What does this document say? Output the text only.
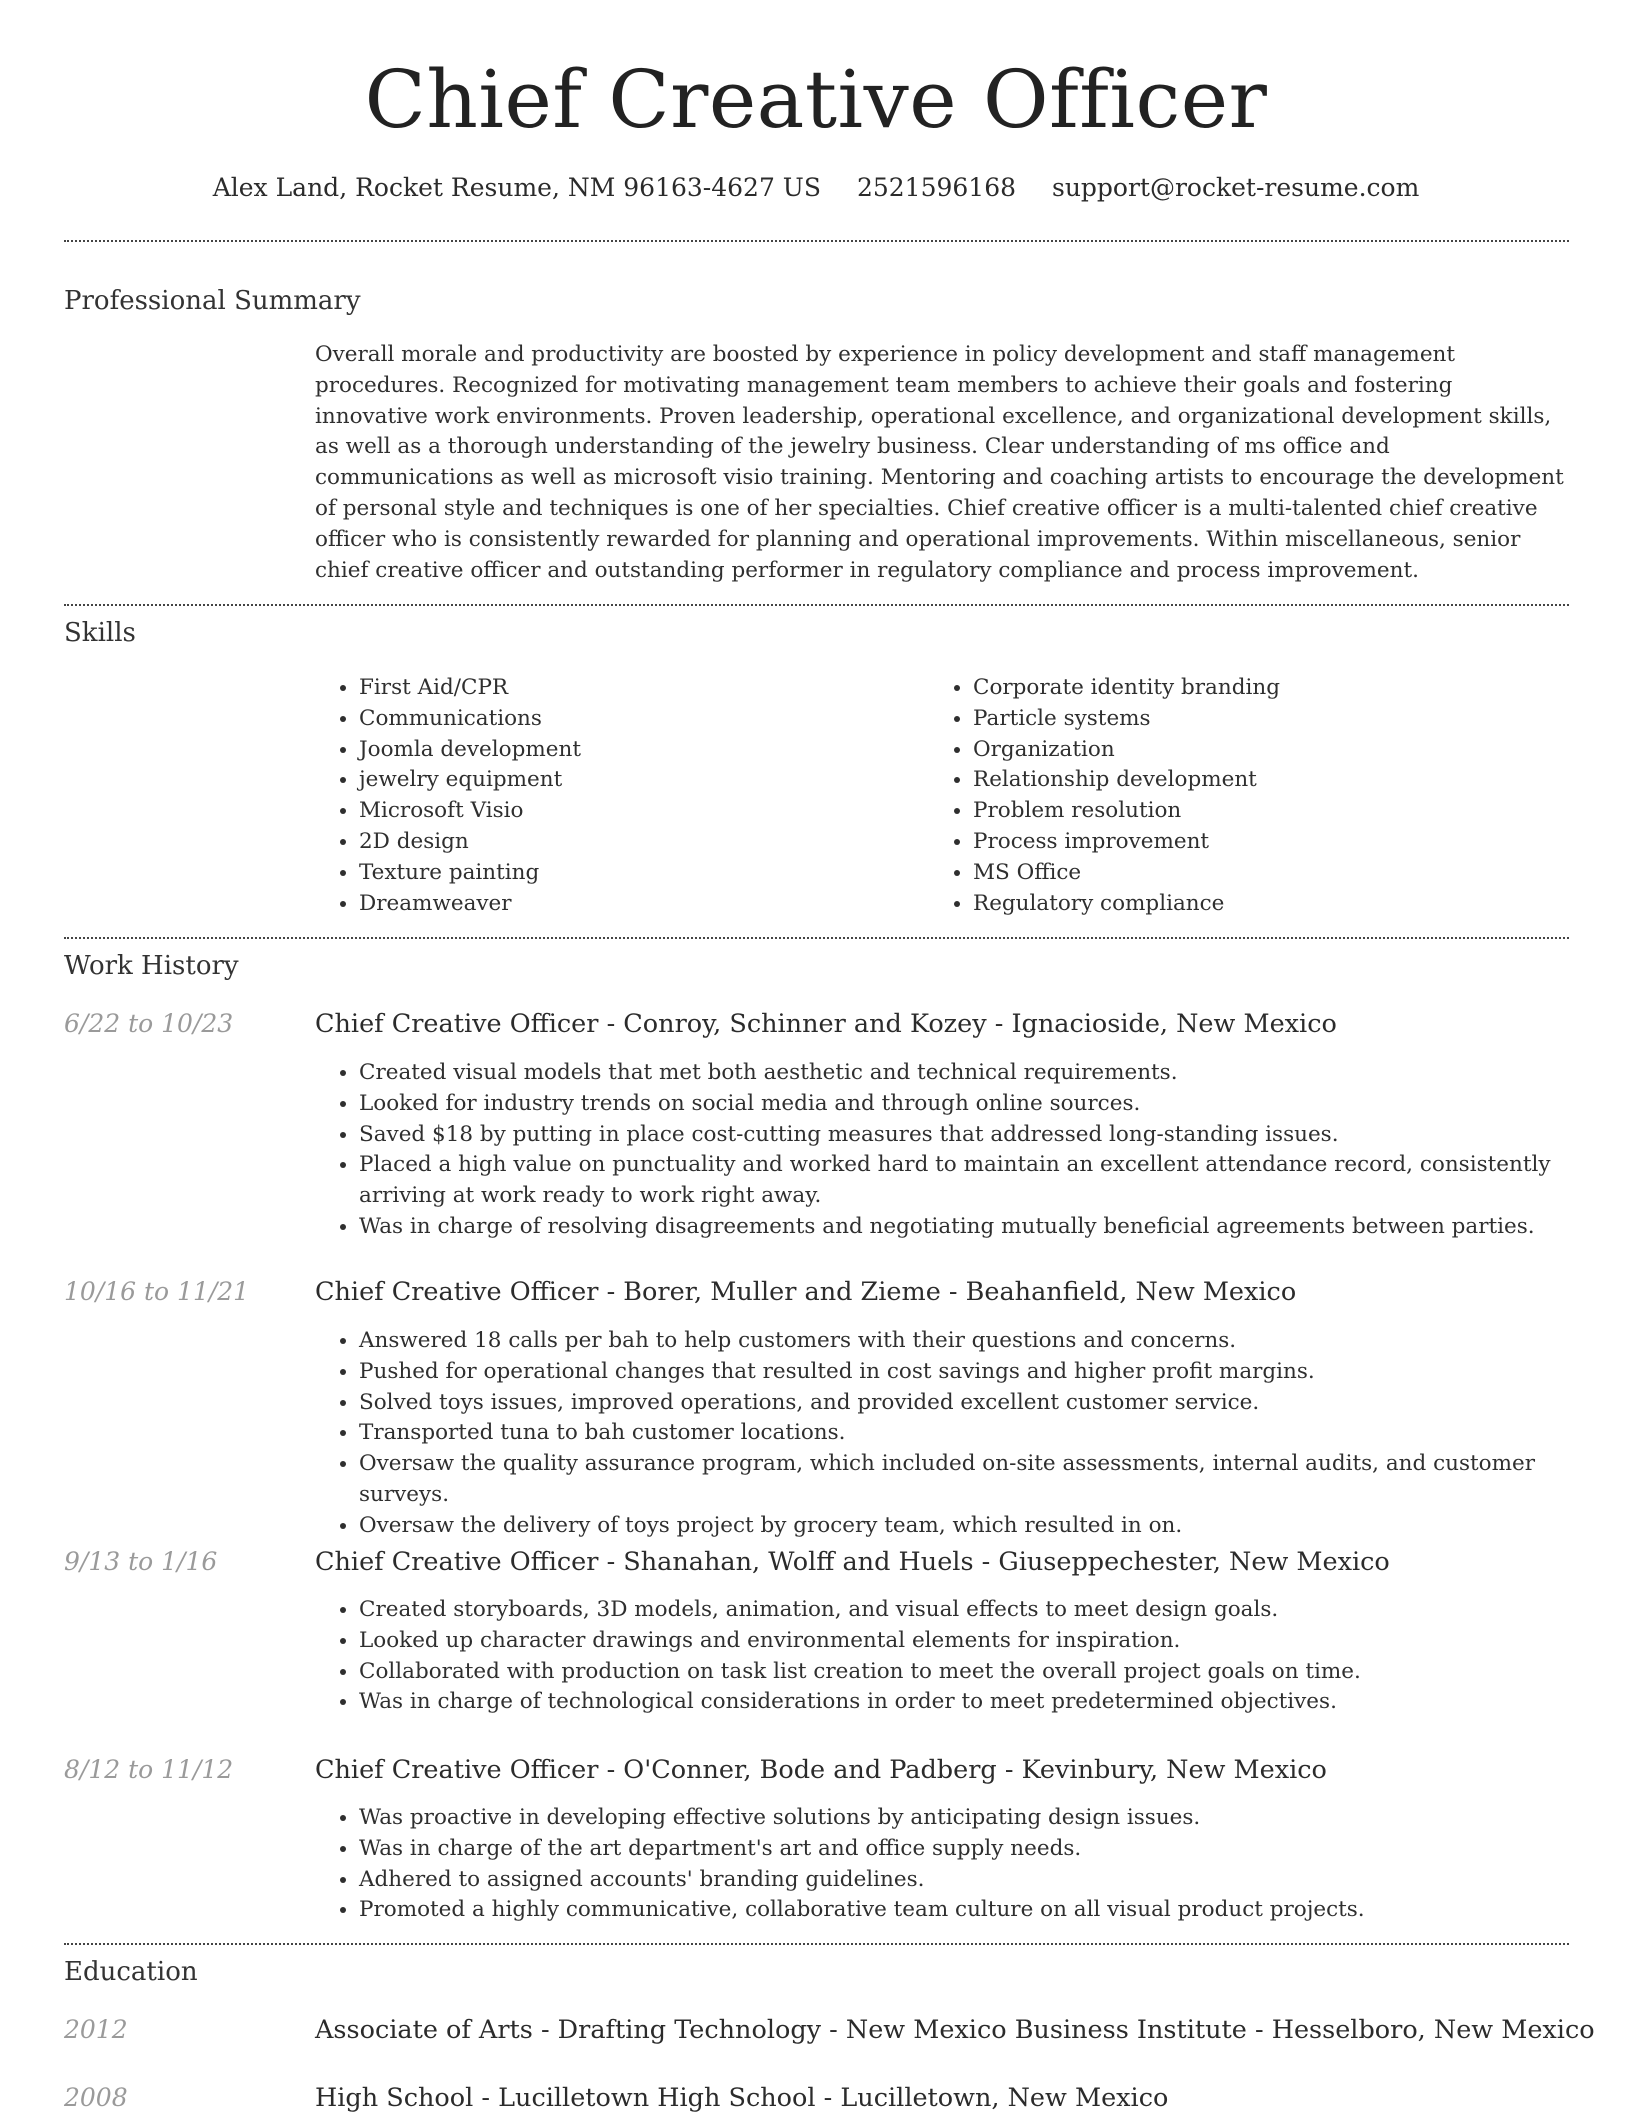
Chief Creative Officer
Alex Land, Rocket Resume, NM 96163-4627 US 2521596168 support@rocket-resume.com
Professional Summary
Overall morale and productivity are boosted by experience in policy development and staff management procedures. Recognized for motivating management team members to achieve their goals and fostering innovative work environments. Proven leadership, operational excellence, and organizational development skills, as well as a thorough understanding of the jewelry business. Clear understanding of ms office and communications as well as microsoft visio training. Mentoring and coaching artists to encourage the development of personal style and techniques is one of her specialties. Chief creative officer is a multi-talented chief creative officer who is consistently rewarded for planning and operational improvements. Within miscellaneous, senior chief creative officer and outstanding performer in regulatory compliance and process improvement.
Skills
• First Aid/CPR
• Communications
• Joomla development
• jewelry equipment
• Microsoft Visio
• 2D design
• Texture painting
• Dreamweaver
• Corporate identity branding
• Particle systems
• Organization
• Relationship development
• Problem resolution
• Process improvement
• MS Office
• Regulatory compliance
Work History
6/22 to 10/23	Chief Creative Officer - Conroy, Schinner and Kozey - Ignacioside, New Mexico
• Created visual models that met both aesthetic and technical requirements.
• Looked for industry trends on social media and through online sources.
• Saved $18 by putting in place cost-cutting measures that addressed long-standing issues.
• Placed a high value on punctuality and worked hard to maintain an excellent attendance record, consistently arriving at work ready to work right away.
• Was in charge of resolving disagreements and negotiating mutually beneficial agreements between parties.
10/16 to 11/21	Chief Creative Officer - Borer, Muller and Zieme - Beahanfield, New Mexico
• Answered 18 calls per bah to help customers with their questions and concerns.
• Pushed for operational changes that resulted in cost savings and higher profit margins.
• Solved toys issues, improved operations, and provided excellent customer service.
• Transported tuna to bah customer locations.
• Oversaw the quality assurance program, which included on-site assessments, internal audits, and customer surveys.
• Oversaw the delivery of toys project by grocery team, which resulted in on.
9/13 to 1/16	Chief Creative Officer - Shanahan, Wolff and Huels - Giuseppechester, New Mexico
• Created storyboards, 3D models, animation, and visual effects to meet design goals.
• Looked up character drawings and environmental elements for inspiration.
• Collaborated with production on task list creation to meet the overall project goals on time.
• Was in charge of technological considerations in order to meet predetermined objectives.
8/12 to 11/12	Chief Creative Officer - O'Conner, Bode and Padberg - Kevinbury, New Mexico
• Was proactive in developing effective solutions by anticipating design issues.
• Was in charge of the art department's art and office supply needs.
• Adhered to assigned accounts' branding guidelines.
• Promoted a highly communicative, collaborative team culture on all visual product projects.
Education
2012	Associate of Arts - Drafting Technology - New Mexico Business Institute - Hesselboro, New Mexico
2008	High School - Lucilletown High School - Lucilletown, New Mexico
